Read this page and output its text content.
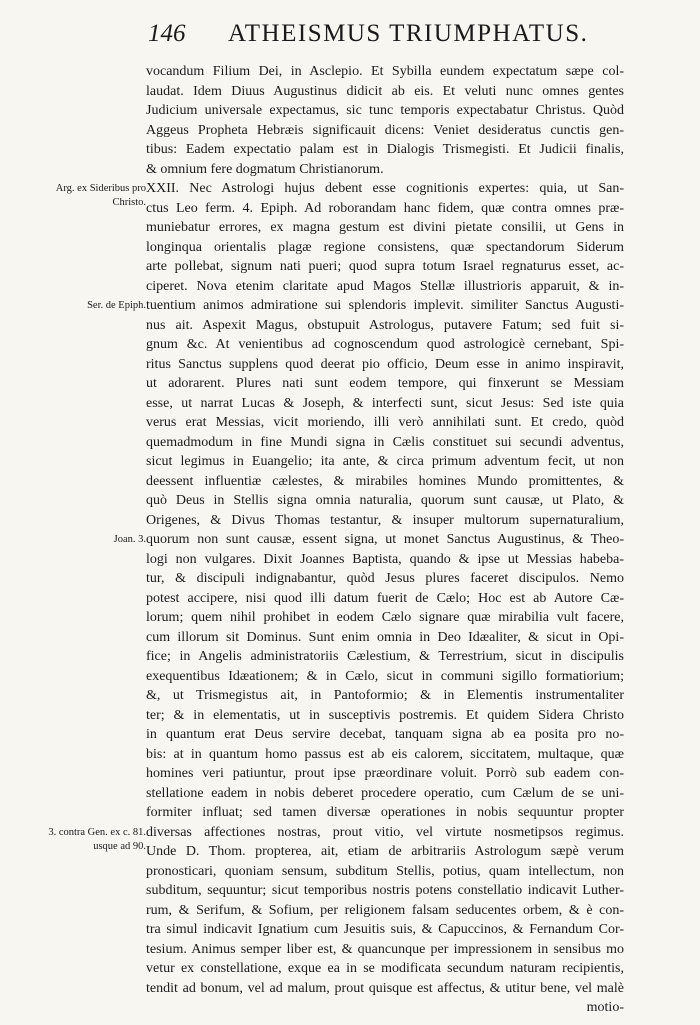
146 ATHEISMUS TRIUMPHATUS.
vocandum Filium Dei, in Asclepio. Et Sybilla eundem expectatum sæpe col-
laudat. Idem Diuus Augustinus didicit ab eis. Et veluti nunc omnes gentes
Judicium universale expectamus, sic tunc temporis expectabatur Christus. Quòd
Aggeus Propheta Hebræis significauit dicens: Veniet desideratus cunctis gen-
tibus: Eadem expectatio palam est in Dialogis Trismegisti. Et Judicii finalis,
& omnium fere dogmatum Christianorum.
XXII. Nec Astrologi hujus debent esse cognitionis expertes: quia, ut San-
ctus Leo ferm. 4. Epiph. Ad roborandam hanc fidem, quæ contra omnes præ-
muniebatur errores, ex magna gestum est divini pietate consilii, ut Gens in
longinqua orientalis plagæ regione consistens, quæ spectandorum Siderum
arte pollebat, signum nati pueri; quod supra totum Israel regnaturus esset, ac-
ciperet. Nova etenim claritate apud Magos Stellæ illustrioris apparuit, & in-
tuentium animos admiratione sui splendoris implevit. similiter Sanctus Augusti-
nus ait. Aspexit Magus, obstupuit Astrologus, putavere Fatum; sed fuit si-
gnum &c. At venientibus ad cognoscendum quod astrologicè cernebant, Spi-
ritus Sanctus supplens quod deerat pio officio, Deum esse in animo inspiravit,
ut adorarent. Plures nati sunt eodem tempore, qui finxerunt se Messiam
esse, ut narrat Lucas & Joseph, & interfecti sunt, sicut Jesus: Sed iste quia
verus erat Messias, vicit moriendo, illi verò annihilati sunt. Et credo, quòd
quemadmodum in fine Mundi signa in Cælis constituet sui secundi adventus,
sicut legimus in Euangelio; ita ante, & circa primum adventum fecit, ut non
deessent influentiæ cælestes, & mirabiles homines Mundo promittentes, &
quò Deus in Stellis signa omnia naturalia, quorum sunt causæ, ut Plato, &
Origenes, & Divus Thomas testantur, & insuper multorum supernaturalium,
quorum non sunt causæ, essent signa, ut monet Sanctus Augustinus, & Theo-
logi non vulgares. Dixit Joannes Baptista, quando & ipse ut Messias habeba-
tur, & discipuli indignabantur, quòd Jesus plures faceret discipulos. Nemo
potest accipere, nisi quod illi datum fuerit de Cælo; Hoc est ab Autore Cæ-
lorum; quem nihil prohibet in eodem Cælo signare quæ mirabilia vult facere,
cum illorum sit Dominus. Sunt enim omnia in Deo Idæaliter, & sicut in Opi-
fice; in Angelis administratoriis Cælestium, & Terrestrium, sicut in discipulis
exequentibus Idæationem; & in Cælo, sicut in communi sigillo formatiorium;
&, ut Trismegistus ait, in Pantoformio; & in Elementis instrumentaliter
ter; & in elementatis, ut in susceptivis postremis. Et quidem Sidera Christo
in quantum erat Deus servire decebat, tanquam signa ab ea posita pro no-
bis: at in quantum homo passus est ab eis calorem, siccitatem, multaque, quæ
homines veri patiuntur, prout ipse præordinare voluit. Porrò sub eadem con-
stellatione eadem in nobis deberet procedere operatio, cum Cælum de se uni-
formiter influat; sed tamen diversæ operationes in nobis sequuntur propter
diversas affectiones nostras, prout vitio, vel virtute nosmetipsos regimus.
Unde D. Thom. propterea, ait, etiam de arbitrariis Astrologum sæpè verum
pronosticari, quoniam sensum, subditum Stellis, potius, quam intellectum, non
subditum, sequuntur; sicut temporibus nostris potens constellatio indicavit Luther-
rum, & Serifum, & Sofium, per religionem falsam seducentes orbem, & è con-
tra simul indicavit Ignatium cum Jesuitis suis, & Capuccinos, & Fernandum Cor-
tesium. Animus semper liber est, & quancunque per impressionem in sensibus mo
vetur ex constellatione, exque ea in se modificata secundum naturam recipientis,
tendit ad bonum, vel ad malum, prout quisque est affectus, & utitur bene, vel malè
motio-
Arg. ex Sideribus pro Christo.
Ser. de Epiph.
Joan. 3.
3. contra Gen. ex c. 81. usque ad 90.
